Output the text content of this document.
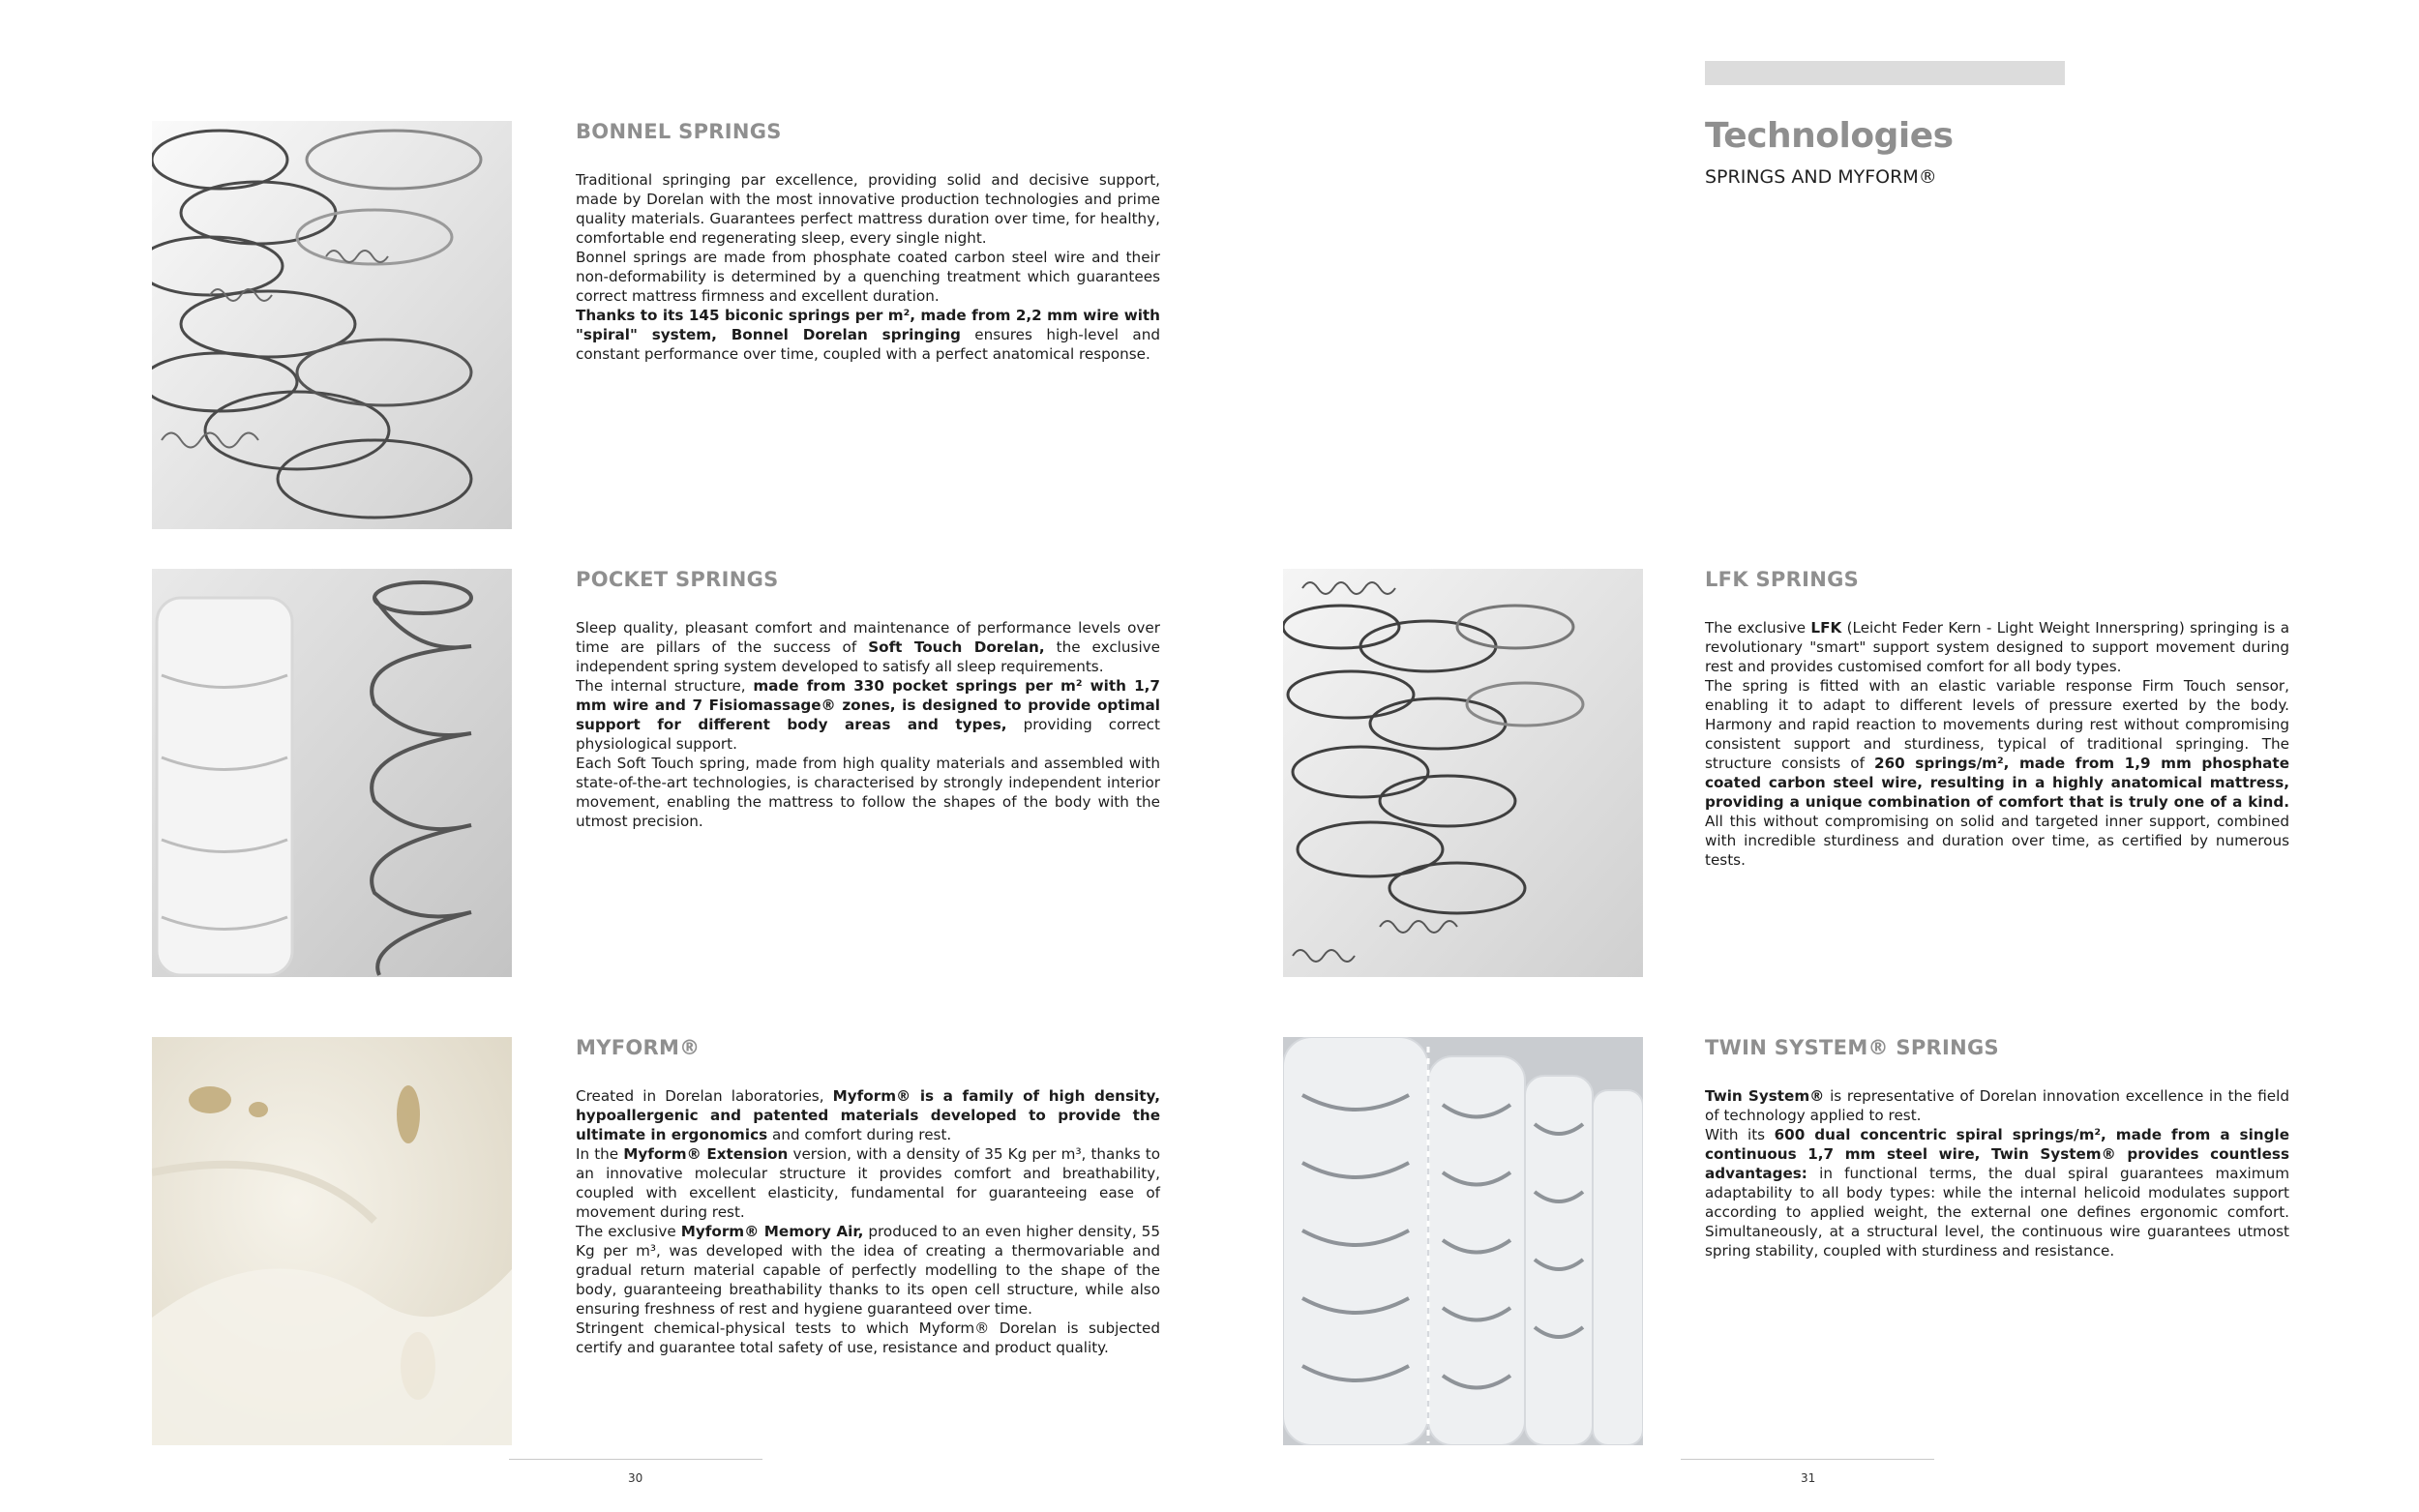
Technologies
SPRINGS AND MYFORM®
BONNEL SPRINGS

Traditional springing par excellence, providing solid and decisive support, made by Dorelan with the most innovative production technologies and prime quality materials. Guarantees perfect mattress duration over time, for healthy, comfortable end regenerating sleep, every single night.

Bonnel springs are made from phosphate coated carbon steel wire and their non-deformability is determined by a quenching treatment which guarantees correct mattress firmness and excellent duration.

Thanks to its 145 biconic springs per m², made from 2,2 mm wire with "spiral" system, Bonnel Dorelan springing ensures high-level and constant performance over time, coupled with a perfect anatomical response.

POCKET SPRINGS

Sleep quality, pleasant comfort and maintenance of performance levels over time are pillars of the success of Soft Touch Dorelan, the exclusive independent spring system developed to satisfy all sleep requirements.

The internal structure, made from 330 pocket springs per m² with 1,7 mm wire and 7 Fisiomassage® zones, is designed to provide optimal support for different body areas and types, providing correct physiological support.

Each Soft Touch spring, made from high quality materials and assembled with state-of-the-art technologies, is characterised by strongly independent interior movement, enabling the mattress to follow the shapes of the body with the utmost precision.

MYFORM®

Created in Dorelan laboratories, Myform® is a family of high density, hypoallergenic and patented materials developed to provide the ultimate in ergonomics and comfort during rest.

In the Myform® Extension version, with a density of 35 Kg per m³, thanks to an innovative molecular structure it provides comfort and breathability, coupled with excellent elasticity, fundamental for guaranteeing ease of movement during rest.

The exclusive Myform® Memory Air, produced to an even higher density, 55 Kg per m³, was developed with the idea of creating a thermovariable and gradual return material capable of perfectly modelling to the shape of the body, guaranteeing breathability thanks to its open cell structure, while also ensuring freshness of rest and hygiene guaranteed over time.

Stringent chemical-physical tests to which Myform® Dorelan is subjected certify and guarantee total safety of use, resistance and product quality.

LFK SPRINGS

The exclusive LFK (Leicht Feder Kern - Light Weight Innerspring) springing is a revolutionary "smart" support system designed to support movement during rest and provides customised comfort for all body types.

The spring is fitted with an elastic variable response Firm Touch sensor, enabling it to adapt to different levels of pressure exerted by the body. Harmony and rapid reaction to movements during rest without compromising consistent support and sturdiness, typical of traditional springing. The structure consists of 260 springs/m², made from 1,9 mm phosphate coated carbon steel wire, resulting in a highly anatomical mattress, providing a unique combination of comfort that is truly one of a kind. All this without compromising on solid and targeted inner support, combined with incredible sturdiness and duration over time, as certified by numerous tests.

TWIN SYSTEM® SPRINGS

Twin System® is representative of Dorelan innovation excellence in the field of technology applied to rest.

With its 600 dual concentric spiral springs/m², made from a single continuous 1,7 mm steel wire, Twin System® provides countless advantages: in functional terms, the dual spiral guarantees maximum adaptability to all body types: while the internal helicoid modulates support according to applied weight, the external one defines ergonomic comfort. Simultaneously, at a structural level, the continuous wire guarantees utmost spring stability, coupled with sturdiness and resistance.

30	31
